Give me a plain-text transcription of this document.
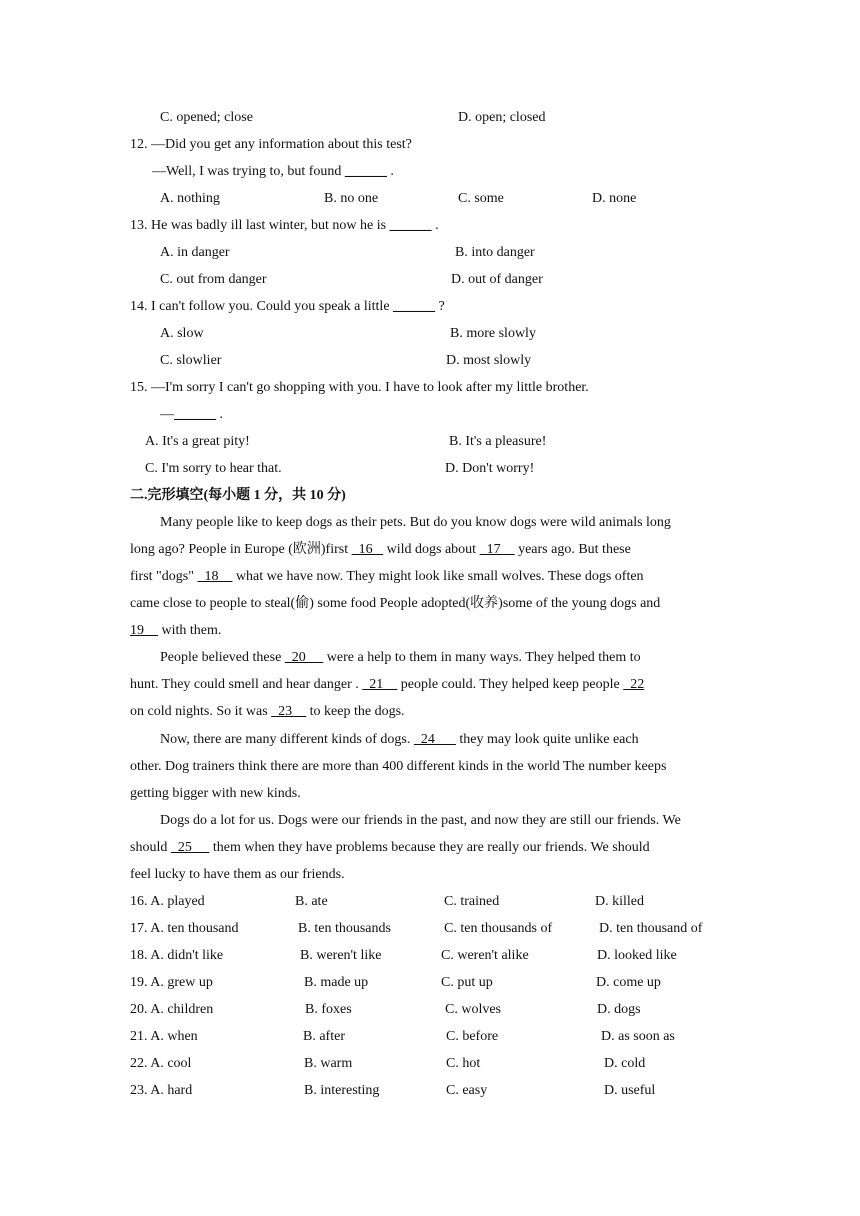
C. opened; close	D. open; closed
12. —Did you get any information about this test?
—Well, I was trying to, but found ______ .
A. nothing	B. no one	C. some	D. none
13. He was badly ill last winter, but now he is ______ .
A. in danger	B. into danger
C. out from danger	D. out of danger
14. I can't follow you. Could you speak a little ______ ?
A. slow	B. more slowly
C. slowlier	D. most slowly
15. —I'm sorry I can't go shopping with you. I have to look after my little brother.
—______ .
A. It's a great pity!	B. It's a pleasure!
C. I'm sorry to hear that.	D. Don't worry!
二.完形填空(每小题 1 分，共 10 分)
Many people like to keep dogs as their pets. But do you know dogs were wild animals long
long ago? People in Europe (欧洲)first   16    wild dogs about   17     years ago. But these
first "dogs"   18     what we have now. They might look like small wolves. These dogs often
came close to people to steal(偷) some food People adopted(收养)some of the young dogs and
19     with them.
People believed these   20      were a help to them in many ways. They helped them to
hunt. They could smell and hear danger .   21     people could. They helped keep people   22
on cold nights. So it was   23     to keep the dogs.
Now, there are many different kinds of dogs.   24       they may look quite unlike each
other. Dog trainers think there are more than 400 different kinds in the world The number keeps
getting bigger with new kinds.
Dogs do a lot for us. Dogs were our friends in the past, and now they are still our friends. We
should   25      them when they have problems because they are really our friends. We should
feel lucky to have them as our friends.
16. A. played	B. ate	C. trained	D. killed
17. A. ten thousand	B. ten thousands	C. ten thousands of	D. ten thousand of
18. A. didn't like	B. weren't like	C. weren't alike	D. looked like
19. A. grew up	B. made up	C. put up	D. come up
20. A. children	B. foxes	C. wolves	D. dogs
21. A. when	B. after	C. before	D. as soon as
22. A. cool	B. warm	C. hot	D. cold
23. A. hard	B. interesting	C. easy	D. useful
